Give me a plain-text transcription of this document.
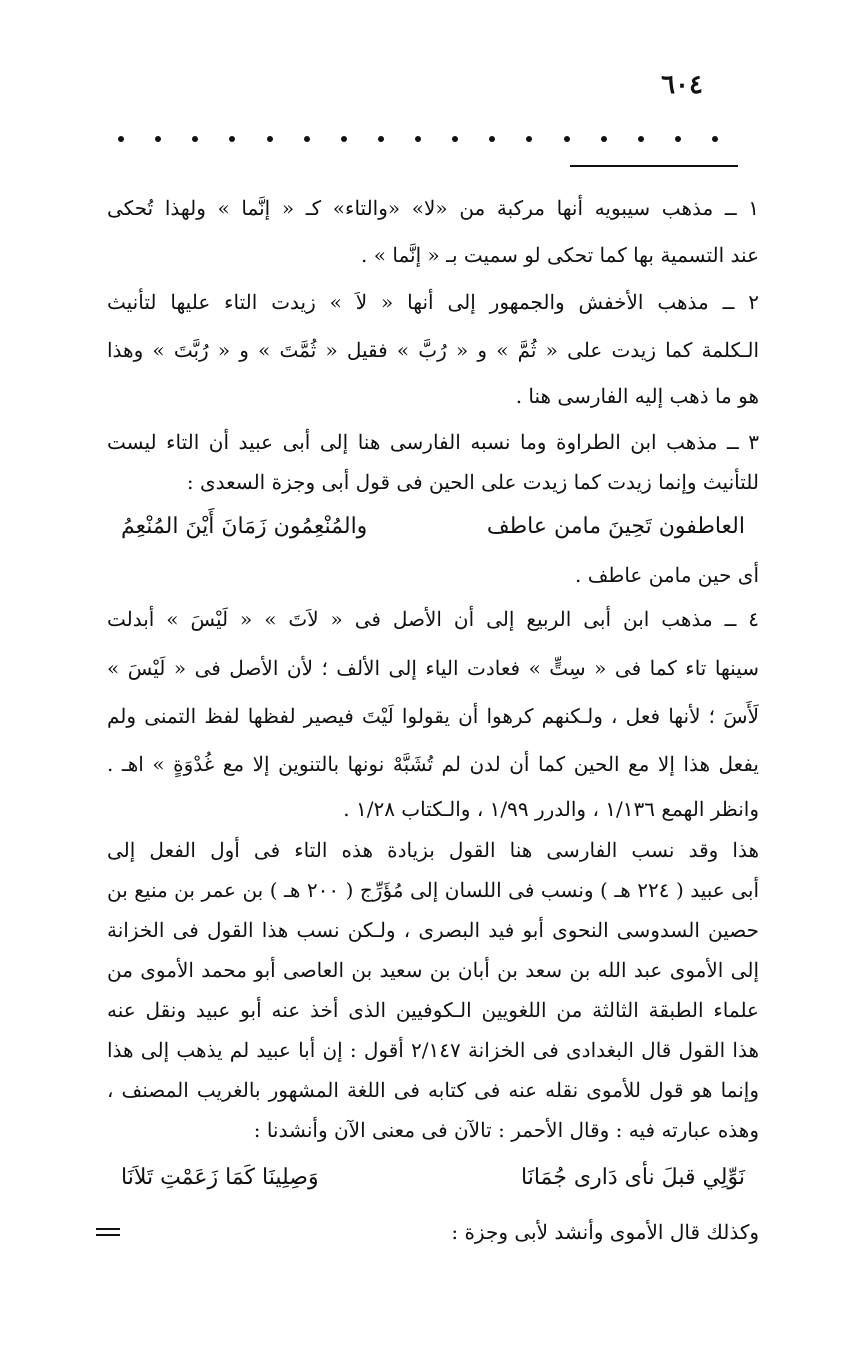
٦٠٤
١ ــ مذهب سيبويه أنها مركبة من «لا» «والتاء» كـ « إنَّما » ولهذا تُحكى
عند التسمية بها كما تحكى لو سميت بـ « إنَّما » .
٢ ــ مذهب الأخفش والجمهور إلى أنها « لاَ » زيدت التاء عليها لتأنيث
الـكلمة كما زيدت على « ثُمَّ » و « رُبَّ » فقيل « ثُمَّتَ » و « رُبَّتَ » وهذا
هو ما ذهب إليه الفارسى هنا .
٣ ــ مذهب ابن الطراوة وما نسبه الفارسى هنا إلى أبى عبيد أن التاء ليست
للتأنيث وإنما زيدت كما زيدت على الحين فى قول أبى وجزة السعدى :
العاطفون تَحِينَ مامن عاطف
والمُنْعِمُون زَمَانَ أَيْنَ المُنْعِمُ
أى حين مامن عاطف .
٤ ــ مذهب ابن أبى الربيع إلى أن الأصل فى « لاَتَ » « لَيْسَ » أبدلت
سينها تاء كما فى « سِتٍّ » فعادت الياء إلى الألف ؛ لأن الأصل فى « لَيْسَ »
لَأَسَ ؛ لأنها فعل ، ولـكنهم كرهوا أن يقولوا لَيْتَ فيصير لفظها لفظ التمنى ولم
يفعل هذا إلا مع الحين كما أن لدن لم تُشَبَّهْ نونها بالتنوين إلا مع غُدْوَةٍ » اهـ .
وانظر الهمع ١/١٣٦ ، والدرر ١/٩٩ ، والـكتاب ١/٢٨ .
هذا وقد نسب الفارسى هنا القول بزيادة هذه التاء فى أول الفعل إلى
أبى عبيد ( ٢٢٤ هـ ) ونسب فى اللسان إلى مُؤَرِّج ( ٢٠٠ هـ ) بن عمر بن منيع بن
حصين السدوسى النحوى أبو فيد البصرى ، ولـكن نسب هذا القول فى الخزانة
إلى الأموى عبد الله بن سعد بن أبان بن سعيد بن العاصى أبو محمد الأموى من
علماء الطبقة الثالثة من اللغويين الـكوفيين الذى أخذ عنه أبو عبيد ونقل عنه
هذا القول قال البغدادى فى الخزانة ٢/١٤٧ أقول : إن أبا عبيد لم يذهب إلى هذا
وإنما هو قول للأموى نقله عنه فى كتابه فى اللغة المشهور بالغريب المصنف ،
وهذه عبارته فيه : وقال الأحمر : تالآن فى معنى الآن وأنشدنا :
نَوِّلِي قبلَ نأى دَارى جُمَانَا
وَصِلِينَا كَمَا زَعَمْتِ تَلاَنَا
وكذلك قال الأموى وأنشد لأبى وجزة :
